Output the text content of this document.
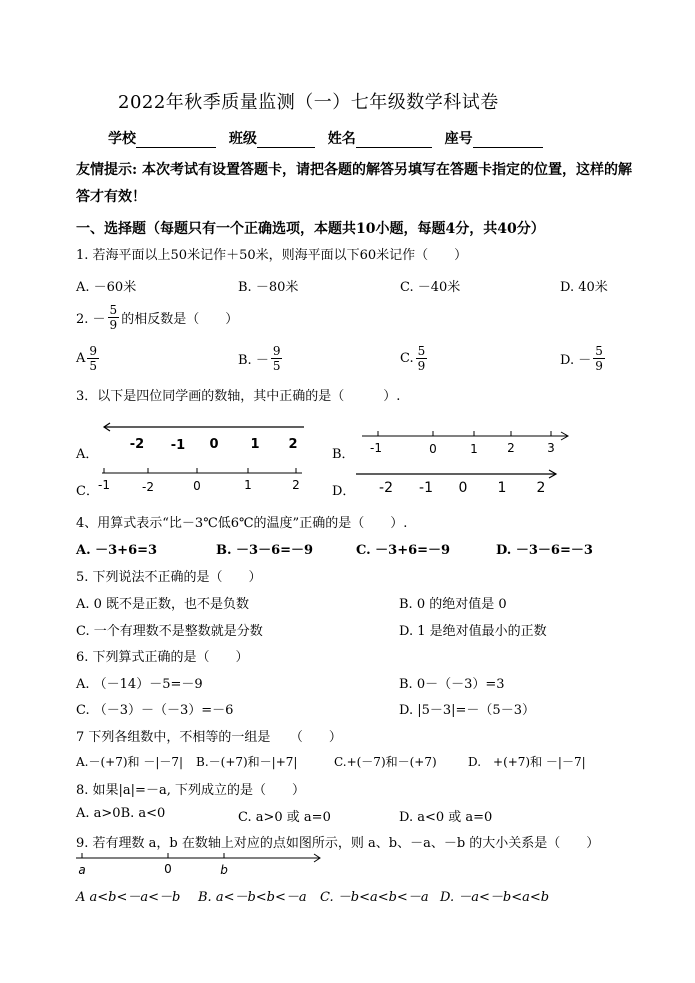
2022年秋季质量监测（一）七年级数学科试卷
学校	班级	姓名	座号
友情提示: 本次考试有设置答题卡，请把各题的解答另填写在答题卡指定的位置，这样的解答才有效！
一、选择题（每题只有一个正确选项，本题共10小题，每题4分，共40分）
1. 若海平面以上50米记作＋50米，则海平面以下60米记作（　　）
A. －60米	B. －80米	C. －40米	D. 40米
2. － $\frac{5}{9}$ 的相反数是（　　）
A $\frac{9}{5}$	B. － $\frac{9}{5}$	C. $\frac{5}{9}$	D. － $\frac{5}{9}$
3．以下是四位同学画的数轴，其中正确的是（　　　）.
A．	B．
C．	D．
-2 -1 0 1 2	-1	0	1 2	3
-1	-2	0	1	2	-2 -1 0 1 2
4、用算式表示“比－3℃低6℃的温度”正确的是（　　）.
A. －3+6=3	B. －3－6=－9	C. －3+6=－9	D. －3－6=－3
5. 下列说法不正确的是（　　）
A. 0 既不是正数，也不是负数	B. 0 的绝对值是 0
C. 一个有理数不是整数就是分数	D. 1 是绝对值最小的正数
6. 下列算式正确的是（　　）
A. （－14）－5=－9	B. 0－（－3）=3
C. （－3）－（－3）=－6	D. |5－3|=－（5－3）
7 下列各组数中，不相等的一组是　　（　　）
A.－(+7)和 －|－7| B.－(+7)和－|+7|	C.+(－7)和－(+7)	D.　+(+7)和 －|－7|
8. 如果|a|=－a, 下列成立的是（　　）
A. a>0B. a<0	C. a>0 或 a=0	D. a<0 或 a=0
9. 若有理数 a，b 在数轴上对应的点如图所示，则 a、b、－a、－b 的大小关系是（　　）
a	0	b
A a<b<－a<－b B. a<－b<b<－a C. －b<a<b<－a D. －a<－b<a<b
